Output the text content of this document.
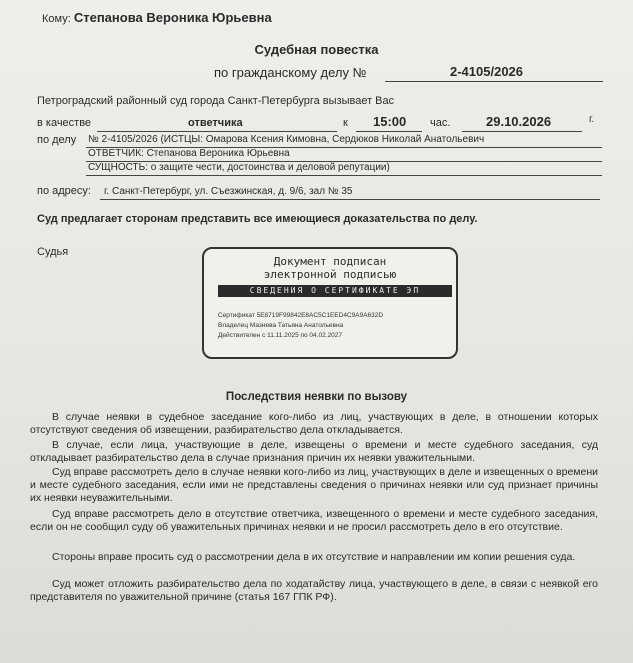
Кому: Степанова Вероника Юрьевна
Судебная повестка
по гражданскому делу №	2-4105/2026
Петроградский районный суд города Санкт-Петербурга вызывает Вас
в качестве	ответчика	к 15:00 час.	29.10.2026	г.
по делу № 2-4105/2026 (ИСТЦЫ: Омарова Ксения Кимовна, Сердюков Николай Анатольевич
ОТВЕТЧИК: Степанова Вероника Юрьевна
СУЩНОСТЬ: о защите чести, достоинства и деловой репутации)
по адресу: г. Санкт-Петербург, ул. Съезжинская, д. 9/6, зал № 35
Суд предлагает сторонам представить все имеющиеся доказательства по делу.
Судья
Документ подписан
электронной подписью
СВЕДЕНИЯ О СЕРТИФИКАТЕ ЭП
Сертификат 5E8719F99842E8AC5C1EED4C9A9A632D
Владелец Мазнева Татьяна Анатольевна
Действителен с 11.11.2025 по 04.02.2027
Последствия неявки по вызову
В случае неявки в судебное заседание кого-либо из лиц, участвующих в деле, в отношении которых отсутствуют сведения об извещении, разбирательство дела откладывается.
В случае, если лица, участвующие в деле, извещены о времени и месте судебного заседания, суд откладывает разбирательство дела в случае признания причин их неявки уважительными.
Суд вправе рассмотреть дело в случае неявки кого-либо из лиц, участвующих в деле и извещенных о времени и месте судебного заседания, если ими не представлены сведения о причинах неявки или суд признает причины их неявки неуважительными.
Суд вправе рассмотреть дело в отсутствие ответчика, извещенного о времени и месте судебного заседания, если он не сообщил суду об уважительных причинах неявки и не просил рассмотреть дело в его отсутствие.
Стороны вправе просить суд о рассмотрении дела в их отсутствие и направлении им копии решения суда.
Суд может отложить разбирательство дела по ходатайству лица, участвующего в деле, в связи с неявкой его представителя по уважительной причине (статья 167 ГПК РФ).
